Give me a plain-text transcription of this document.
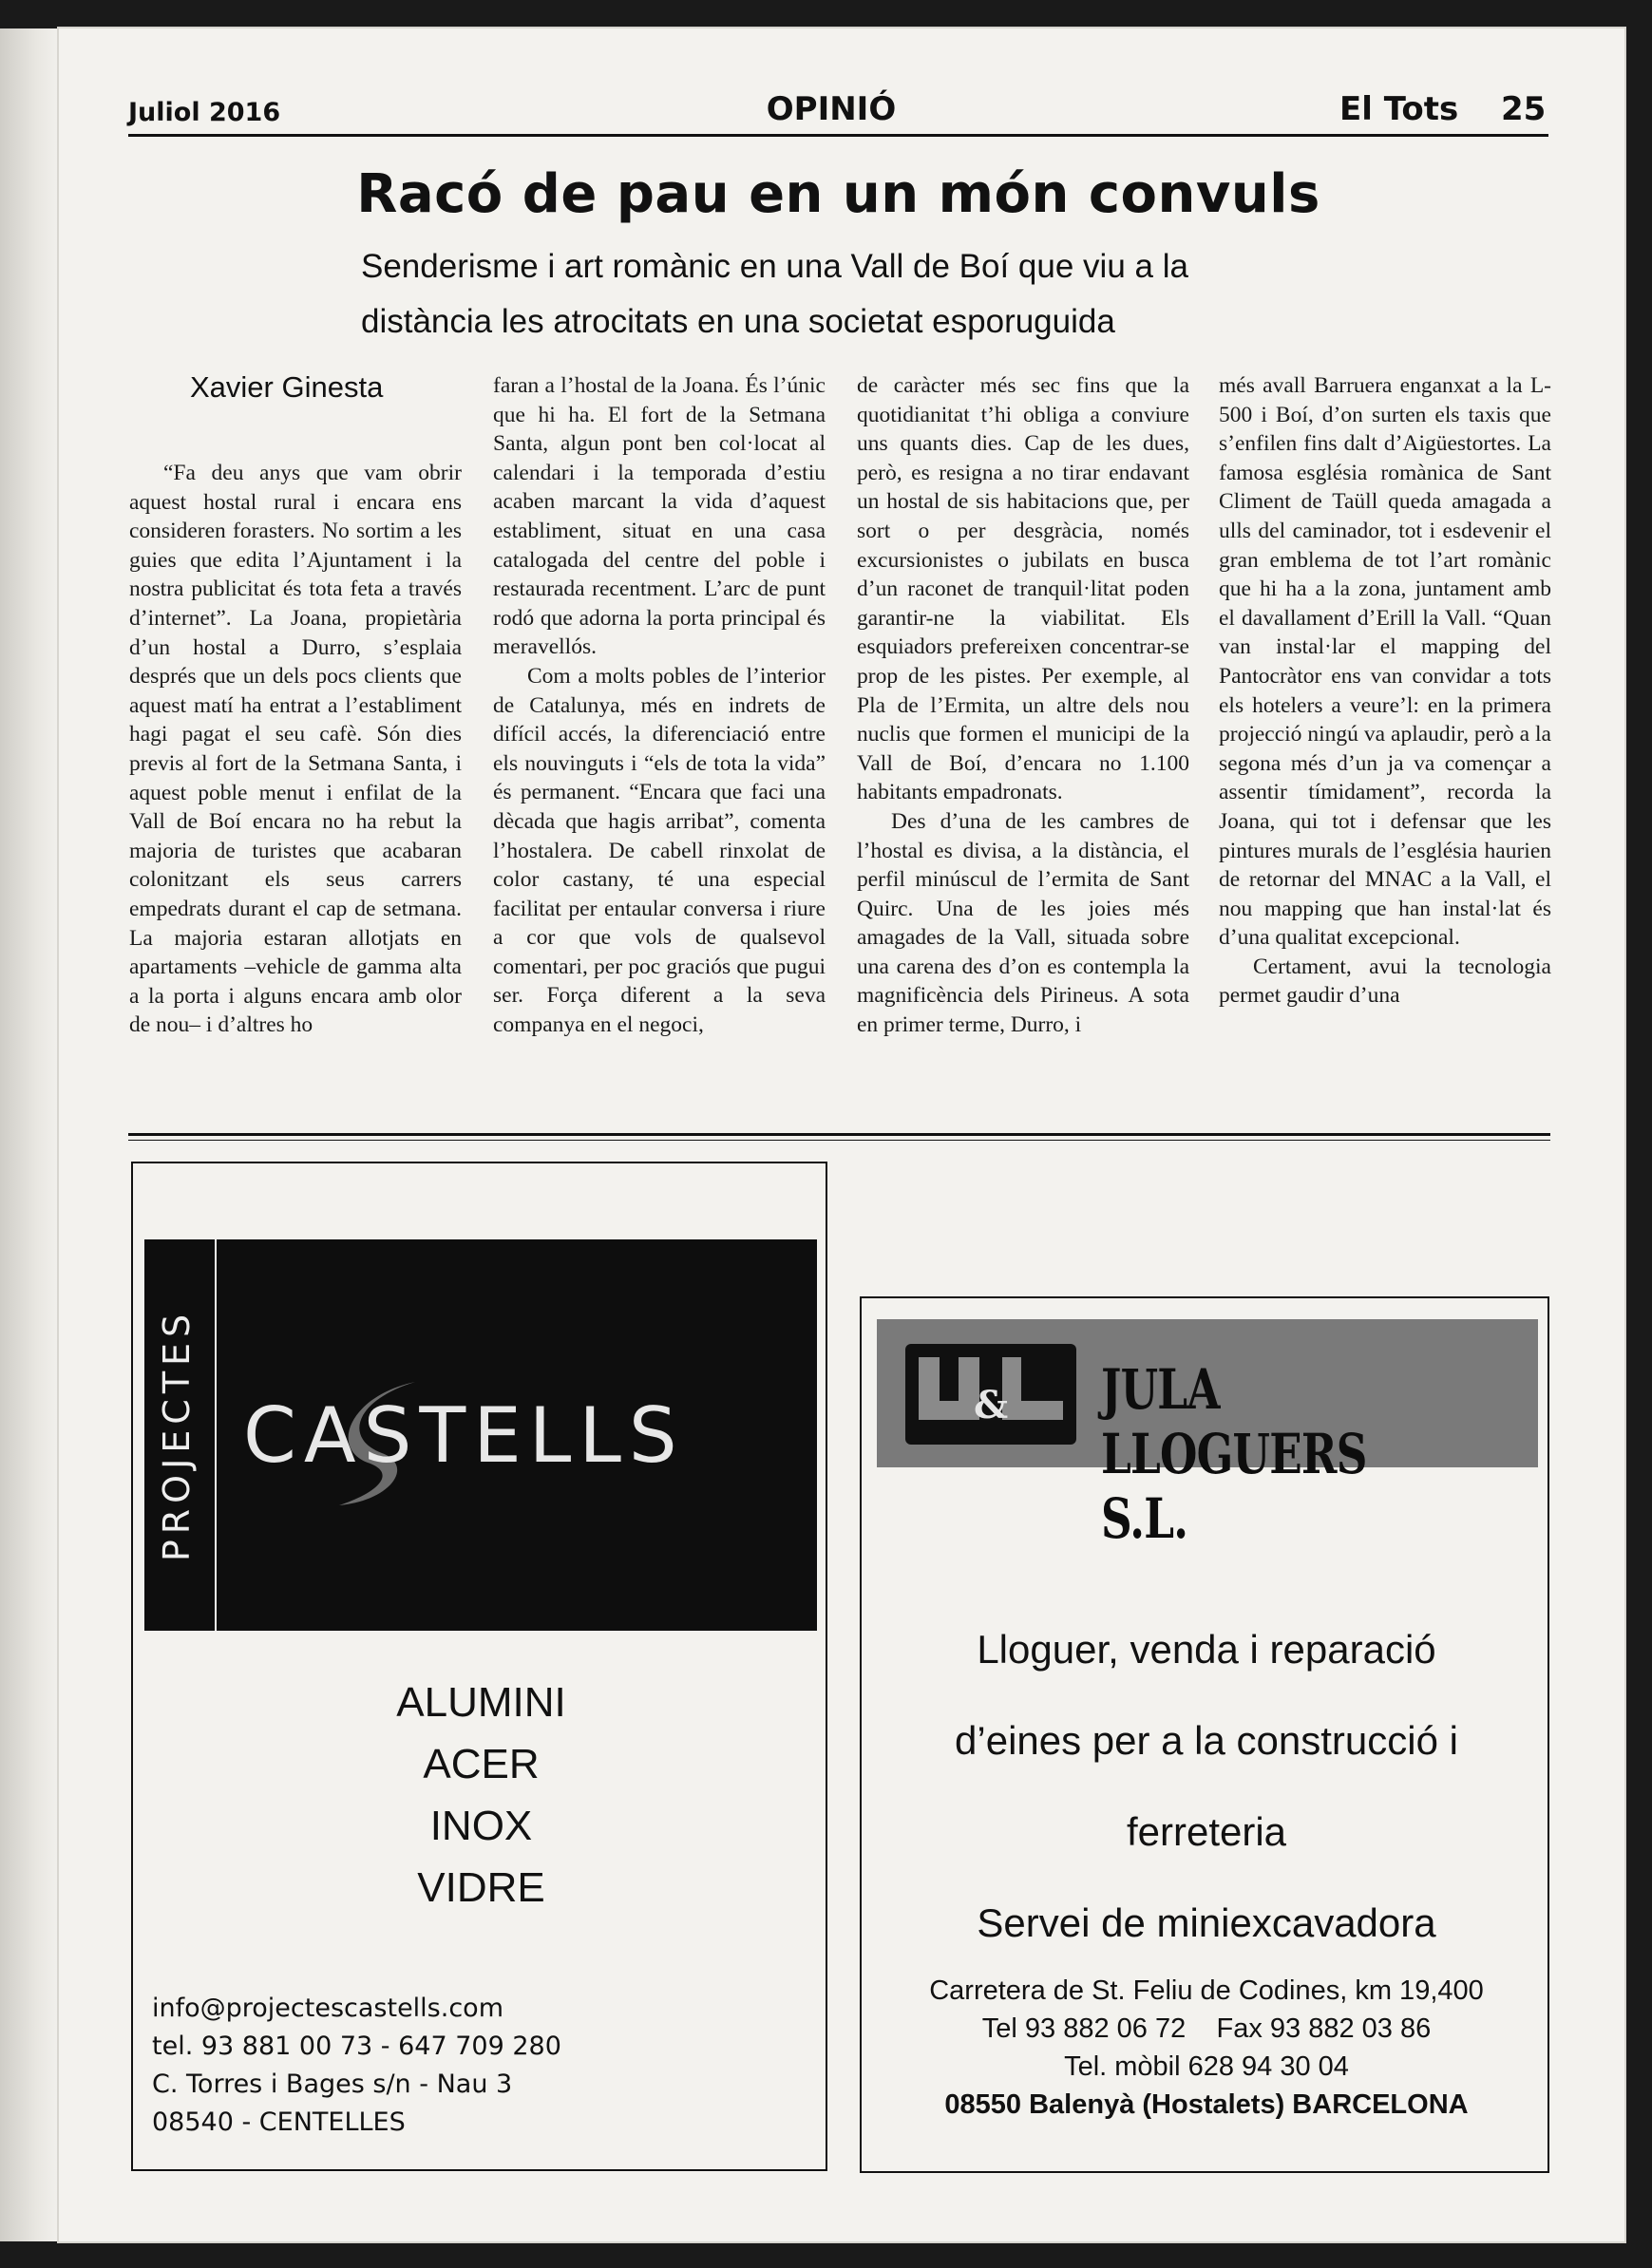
Juliol 2016	OPINIÓ	El Tots 25
Racó de pau en un món convuls
Senderisme i art romànic en una Vall de Boí que viu a la distància les atrocitats en una societat esporuguida
Xavier Ginesta

“Fa deu anys que vam obrir aquest hostal rural i encara ens consideren forasters. No sortim a les guies que edita l’Ajuntament i la nostra publicitat és tota feta a través d’internet”. La Joana, propietària d’un hostal a Durro, s’esplaia després que un dels pocs clients que aquest matí ha entrat a l’establiment hagi pagat el seu cafè. Són dies previs al fort de la Setmana Santa, i aquest poble menut i enfilat de la Vall de Boí encara no ha rebut la majoria de turistes que acabaran colonitzant els seus carrers empedrats durant el cap de setmana. La majoria estaran allotjats en apartaments –vehicle de gamma alta a la porta i alguns encara amb olor de nou– i d’altres ho

faran a l’hostal de la Joana. És l’únic que hi ha. El fort de la Setmana Santa, algun pont ben col·locat al calendari i la temporada d’estiu acaben marcant la vida d’aquest establiment, situat en una casa catalogada del centre del poble i restaurada recentment. L’arc de punt rodó que adorna la porta principal és meravellós.

Com a molts pobles de l’interior de Catalunya, més en indrets de difícil accés, la diferenciació entre els nouvinguts i “els de tota la vida” és permanent. “Encara que faci una dècada que hagis arribat”, comenta l’hostalera. De cabell rinxolat de color castany, té una especial facilitat per entaular conversa i riure a cor que vols de qualsevol comentari, per poc graciós que pugui ser. Força diferent a la seva companya en el negoci,

de caràcter més sec fins que la quotidianitat t’hi obliga a conviure uns quants dies. Cap de les dues, però, es resigna a no tirar endavant un hostal de sis habitacions que, per sort o per desgràcia, només excursionistes o jubilats en busca d’un raconet de tranquil·litat poden garantir-ne la viabilitat. Els esquiadors prefereixen concentrar-se prop de les pistes. Per exemple, al Pla de l’Ermita, un altre dels nou nuclis que formen el municipi de la Vall de Boí, d’encara no 1.100 habitants empadronats.

Des d’una de les cambres de l’hostal es divisa, a la distància, el perfil minúscul de l’ermita de Sant Quirc. Una de les joies més amagades de la Vall, situada sobre una carena des d’on es contempla la magnificència dels Pirineus. A sota en primer terme, Durro, i

més avall Barruera enganxat a la L-500 i Boí, d’on surten els taxis que s’enfilen fins dalt d’Aigüestortes. La famosa església romànica de Sant Climent de Taüll queda amagada a ulls del caminador, tot i esdevenir el gran emblema de tot l’art romànic que hi ha a la zona, juntament amb el davallament d’Erill la Vall. “Quan van instal·lar el mapping del Pantocràtor ens van convidar a tots els hotelers a veure’l: en la primera projecció ningú va aplaudir, però a la segona més d’un ja va començar a assentir tímidament”, recorda la Joana, qui tot i defensar que les pintures murals de l’església haurien de retornar del MNAC a la Vall, el nou mapping que han instal·lat és d’una qualitat excepcional.

Certament, avui la tecnologia permet gaudir d’una

PROJECTES CASTELLS
ALUMINI
ACER
INOX
VIDRE
info@projectescastells.com
tel. 93 881 00 73 - 647 709 280
C. Torres i Bages s/n - Nau 3
08540 - CENTELLES
& JULA LLOGUERS S.L.
Lloguer, venda i reparació
d’eines per a la construcció i
ferreteria
Servei de miniexcavadora
Carretera de St. Feliu de Codines, km 19,400
Tel 93 882 06 72 Fax 93 882 03 86
Tel. mòbil 628 94 30 04
08550 Balenyà (Hostalets) BARCELONA
